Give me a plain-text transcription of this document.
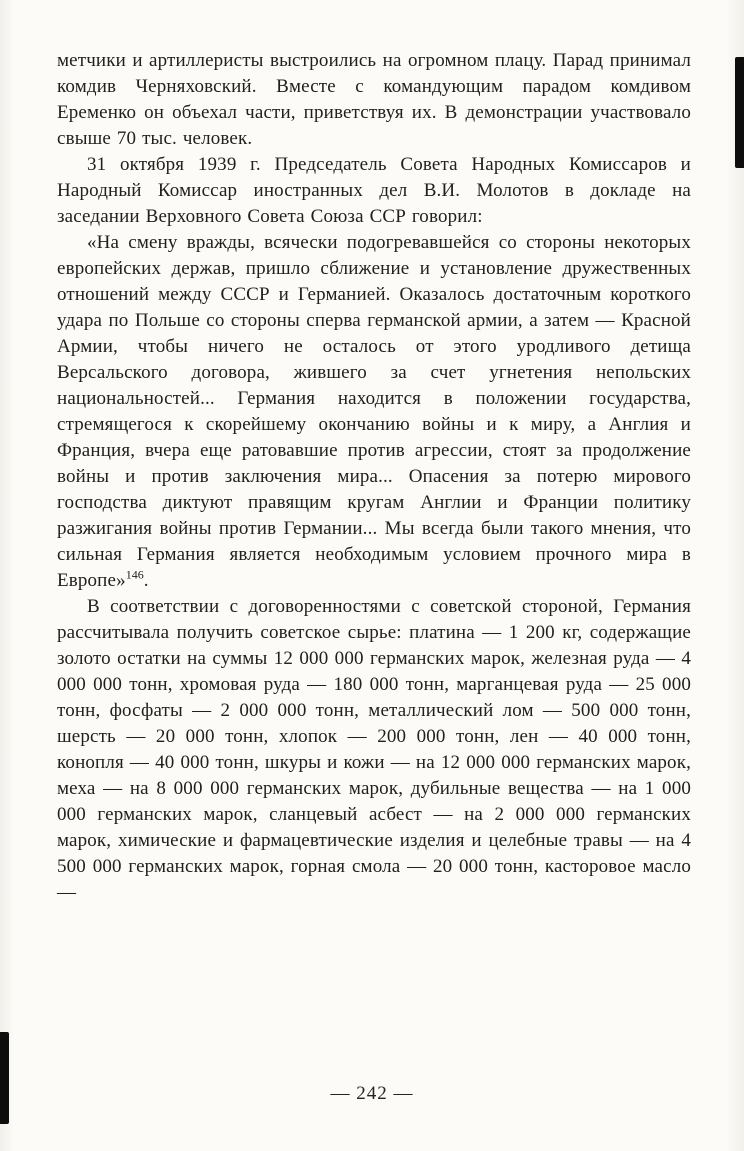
метчики и артиллеристы выстроились на огромном плацу. Парад принимал комдив Черняховский. Вместе с командующим парадом комдивом Еременко он объехал части, приветствуя их. В демонстрации участвовало свыше 70 тыс. человек.

31 октября 1939 г. Председатель Совета Народных Комиссаров и Народный Комиссар иностранных дел В.И. Молотов в докладе на заседании Верховного Совета Союза ССР говорил:

«На смену вражды, всячески подогревавшейся со стороны некоторых европейских держав, пришло сближение и установление дружественных отношений между СССР и Германией. Оказалось достаточным короткого удара по Польше со стороны сперва германской армии, а затем — Красной Армии, чтобы ничего не осталось от этого уродливого детища Версальского договора, жившего за счет угнетения непольских национальностей... Германия находится в положении государства, стремящегося к скорейшему окончанию войны и к миру, а Англия и Франция, вчера еще ратовавшие против агрессии, стоят за продолжение войны и против заключения мира... Опасения за потерю мирового господства диктуют правящим кругам Англии и Франции политику разжигания войны против Германии... Мы всегда были такого мнения, что сильная Германия является необходимым условием прочного мира в Европе»$^{146}$.

В соответствии с договоренностями с советской стороной, Германия рассчитывала получить советское сырье: платина — 1 200 кг, содержащие золото остатки на суммы 12 000 000 германских марок, железная руда — 4 000 000 тонн, хромовая руда — 180 000 тонн, марганцевая руда — 25 000 тонн, фосфаты — 2 000 000 тонн, металлический лом — 500 000 тонн, шерсть — 20 000 тонн, хлопок — 200 000 тонн, лен — 40 000 тонн, конопля — 40 000 тонн, шкуры и кожи — на 12 000 000 германских марок, меха — на 8 000 000 германских марок, дубильные вещества — на 1 000 000 германских марок, сланцевый асбест — на 2 000 000 германских марок, химические и фармацевтические изделия и целебные травы — на 4 500 000 германских марок, горная смола — 20 000 тонн, касторовое масло —

— 242 —
